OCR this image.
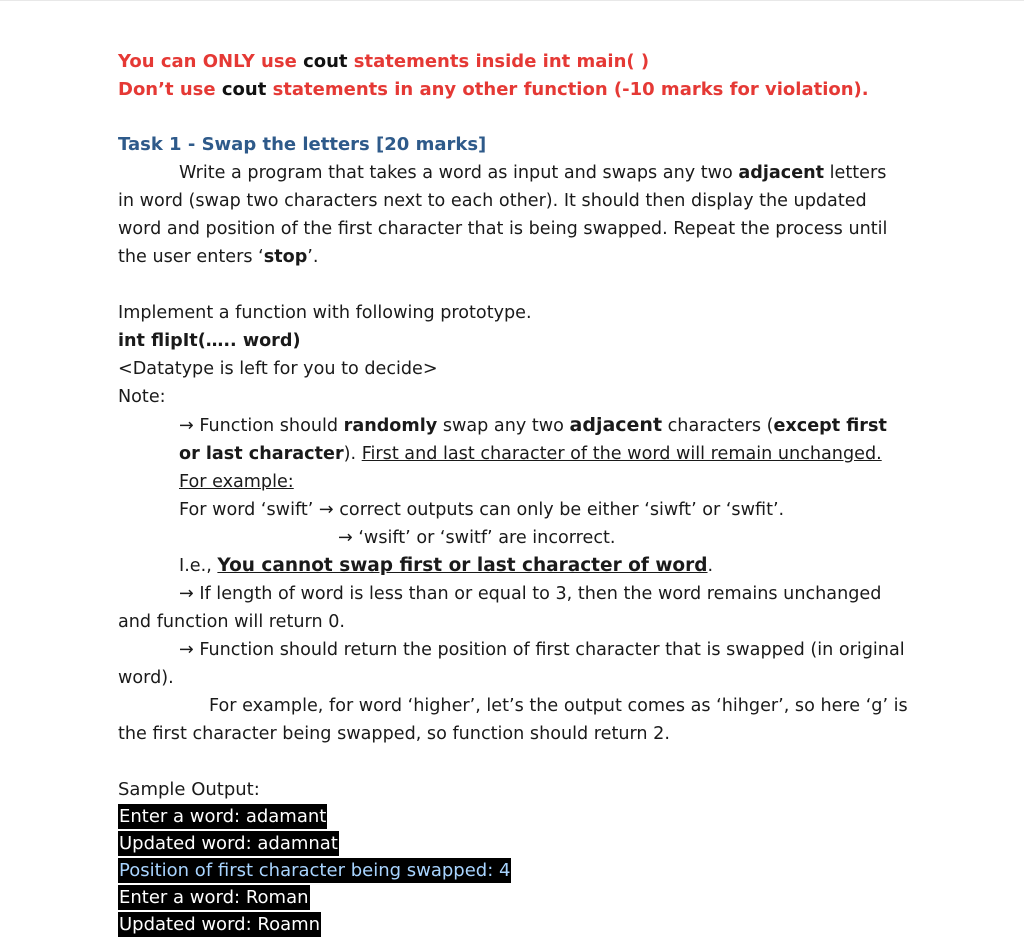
You can ONLY use cout statements inside int main( )
Don’t use cout statements in any other function (-10 marks for violation).
Task 1 - Swap the letters [20 marks]

Write a program that takes a word as input and swaps any two adjacent letters in word (swap two characters next to each other). It should then display the updated word and position of the first character that is being swapped. Repeat the process until the user enters ‘stop’.

Implement a function with following prototype.

int flipIt(….. word)

<Datatype is left for you to decide>

Note:

→ Function should randomly swap any two adjacent characters (except first or last character). First and last character of the word will remain unchanged. For example:

For word ‘swift’ → correct outputs can only be either ‘siwft’ or ‘swfit’.

→ ‘wsift’ or ‘switf’ are incorrect.

I.e., You cannot swap first or last character of word.

→ If length of word is less than or equal to 3, then the word remains unchanged and function will return 0.

→ Function should return the position of first character that is swapped (in original word).

For example, for word ‘higher’, let’s the output comes as ‘hihger’, so here ‘g’ is the first character being swapped, so function should return 2.

Sample Output:

Enter a word: adamant
Updated word: adamnat
Position of first character being swapped: 4
Enter a word: Roman
Updated word: Roamn
